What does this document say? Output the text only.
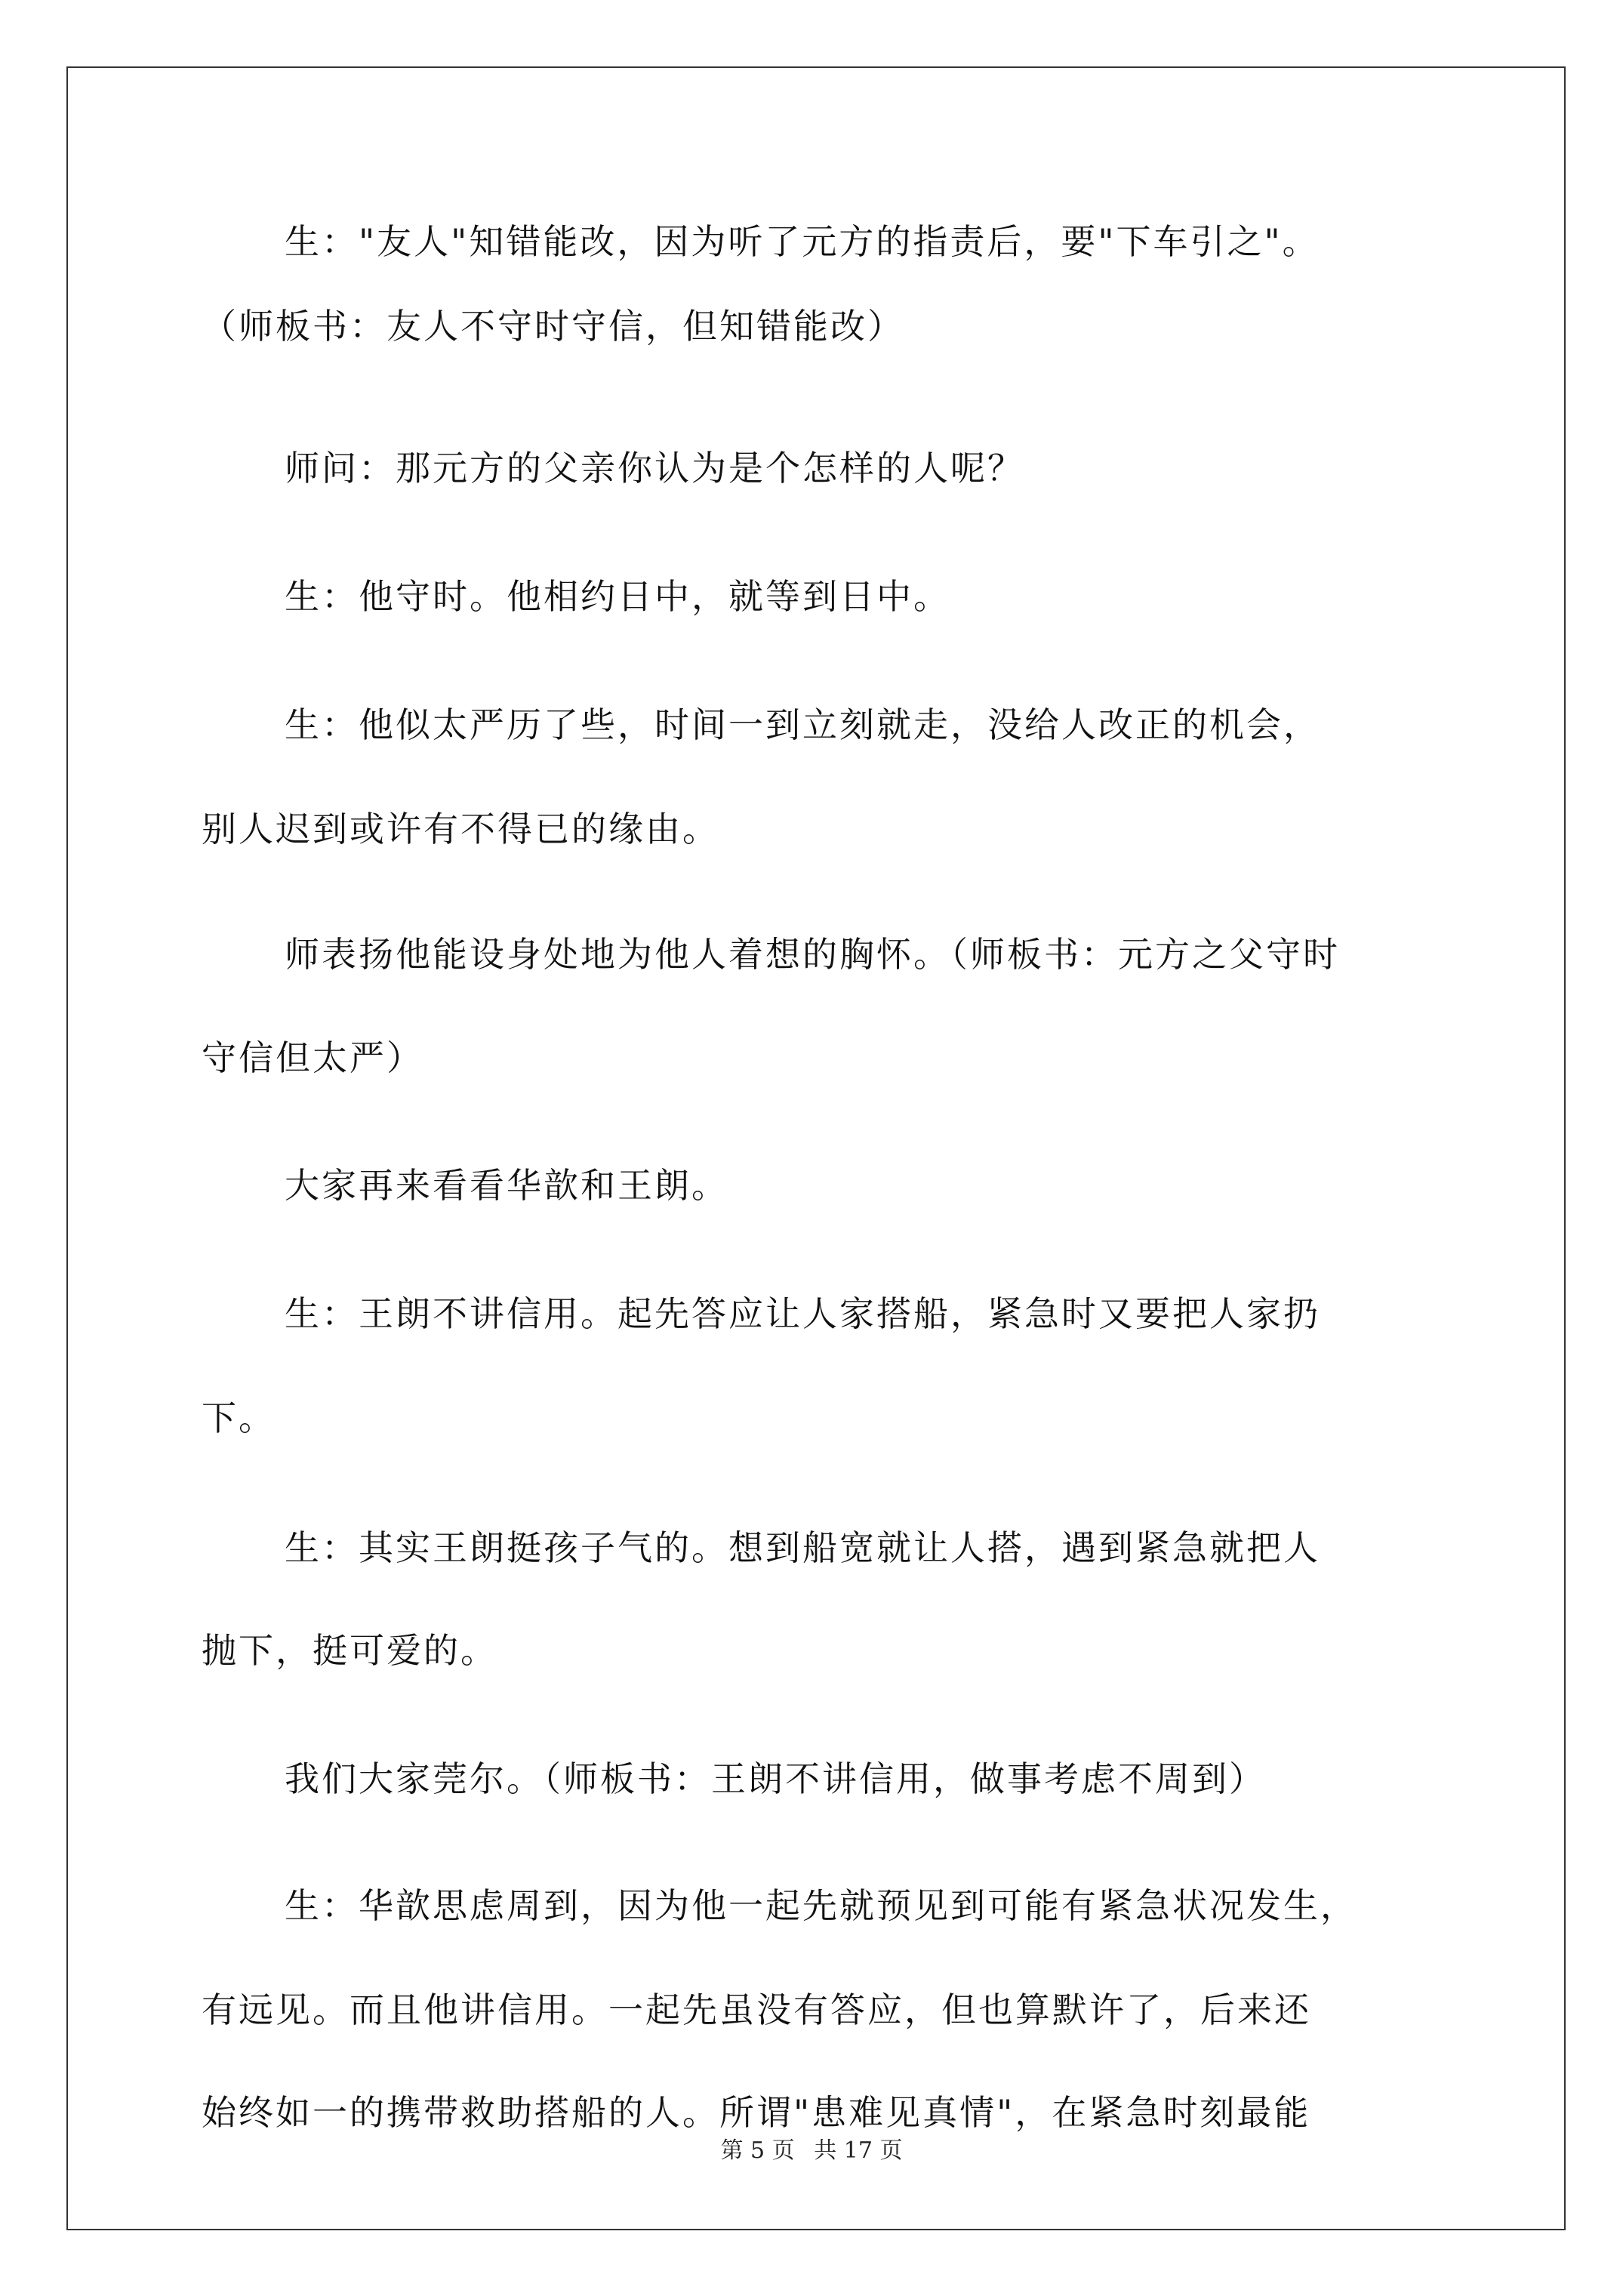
生："友人"知错能改，因为听了元方的指责后，要"下车引之"。
（师板书：友人不守时守信，但知错能改）
师问：那元方的父亲你认为是个怎样的人呢？
生：他守时。他相约日中，就等到日中。
生：他似太严历了些，时间一到立刻就走，没给人改正的机会，
别人迟到或许有不得已的缘由。
师表扬他能设身处地为他人着想的胸怀。（师板书：元方之父守时
守信但太严）
大家再来看看华歆和王朗。
生：王朗不讲信用。起先答应让人家搭船，紧急时又要把人家扔
下。
生：其实王朗挺孩子气的。想到船宽就让人搭，遇到紧急就把人
抛下，挺可爱的。
我们大家莞尔。（师板书：王朗不讲信用，做事考虑不周到）
生：华歆思虑周到，因为他一起先就预见到可能有紧急状况发生，
有远见。而且他讲信用。一起先虽没有答应，但也算默许了，后来还
始终如一的携带救助搭船的人。所谓"患难见真情"，在紧急时刻最能
第 5 页 共 17 页
